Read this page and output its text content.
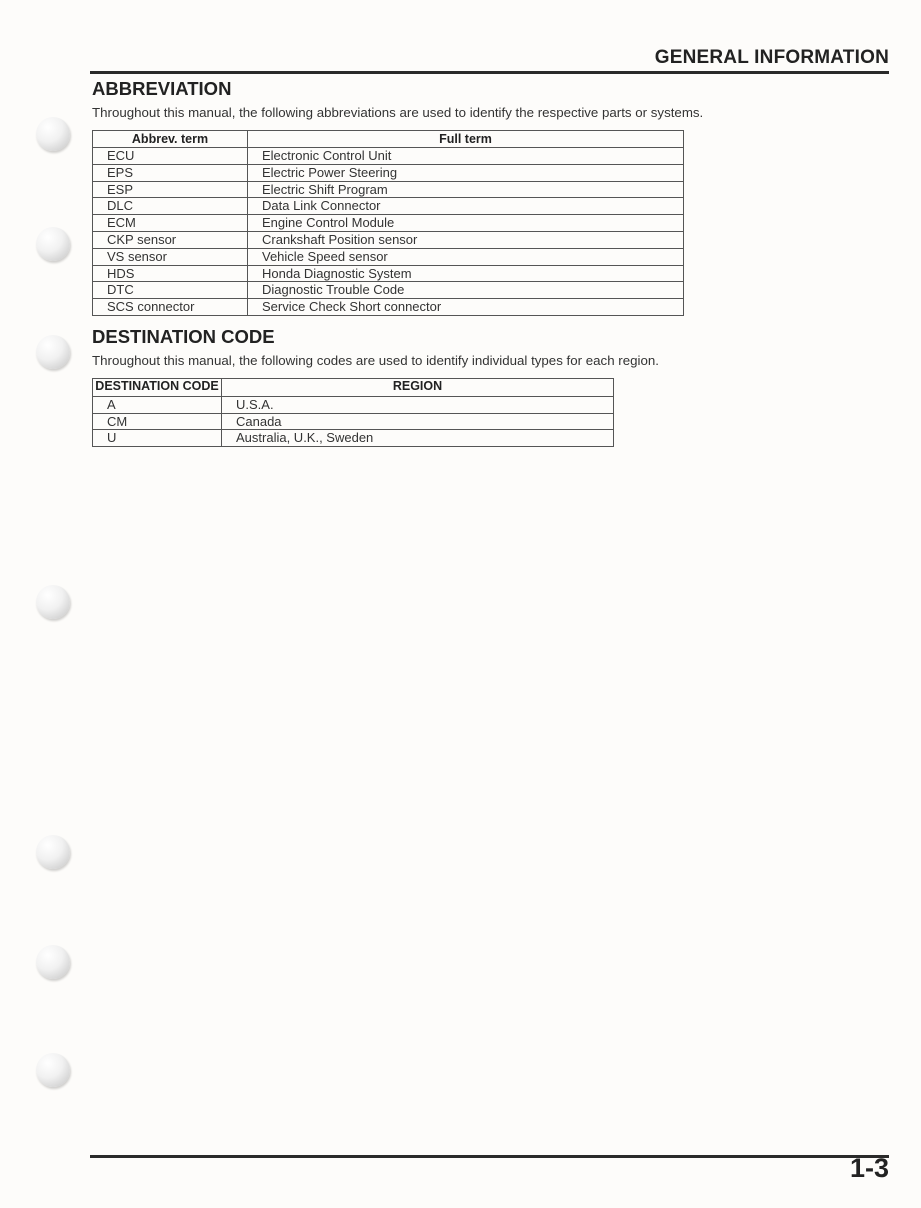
GENERAL INFORMATION
ABBREVIATION
Throughout this manual, the following abbreviations are used to identify the respective parts or systems.
Abbrev. term	Full term
ECU	Electronic Control Unit
EPS	Electric Power Steering
ESP	Electric Shift Program
DLC	Data Link Connector
ECM	Engine Control Module
CKP sensor	Crankshaft Position sensor
VS sensor	Vehicle Speed sensor
HDS	Honda Diagnostic System
DTC	Diagnostic Trouble Code
SCS connector	Service Check Short connector
DESTINATION CODE
Throughout this manual, the following codes are used to identify individual types for each region.
DESTINATION CODE	REGION
A	U.S.A.
CM	Canada
U	Australia, U.K., Sweden
1-3
